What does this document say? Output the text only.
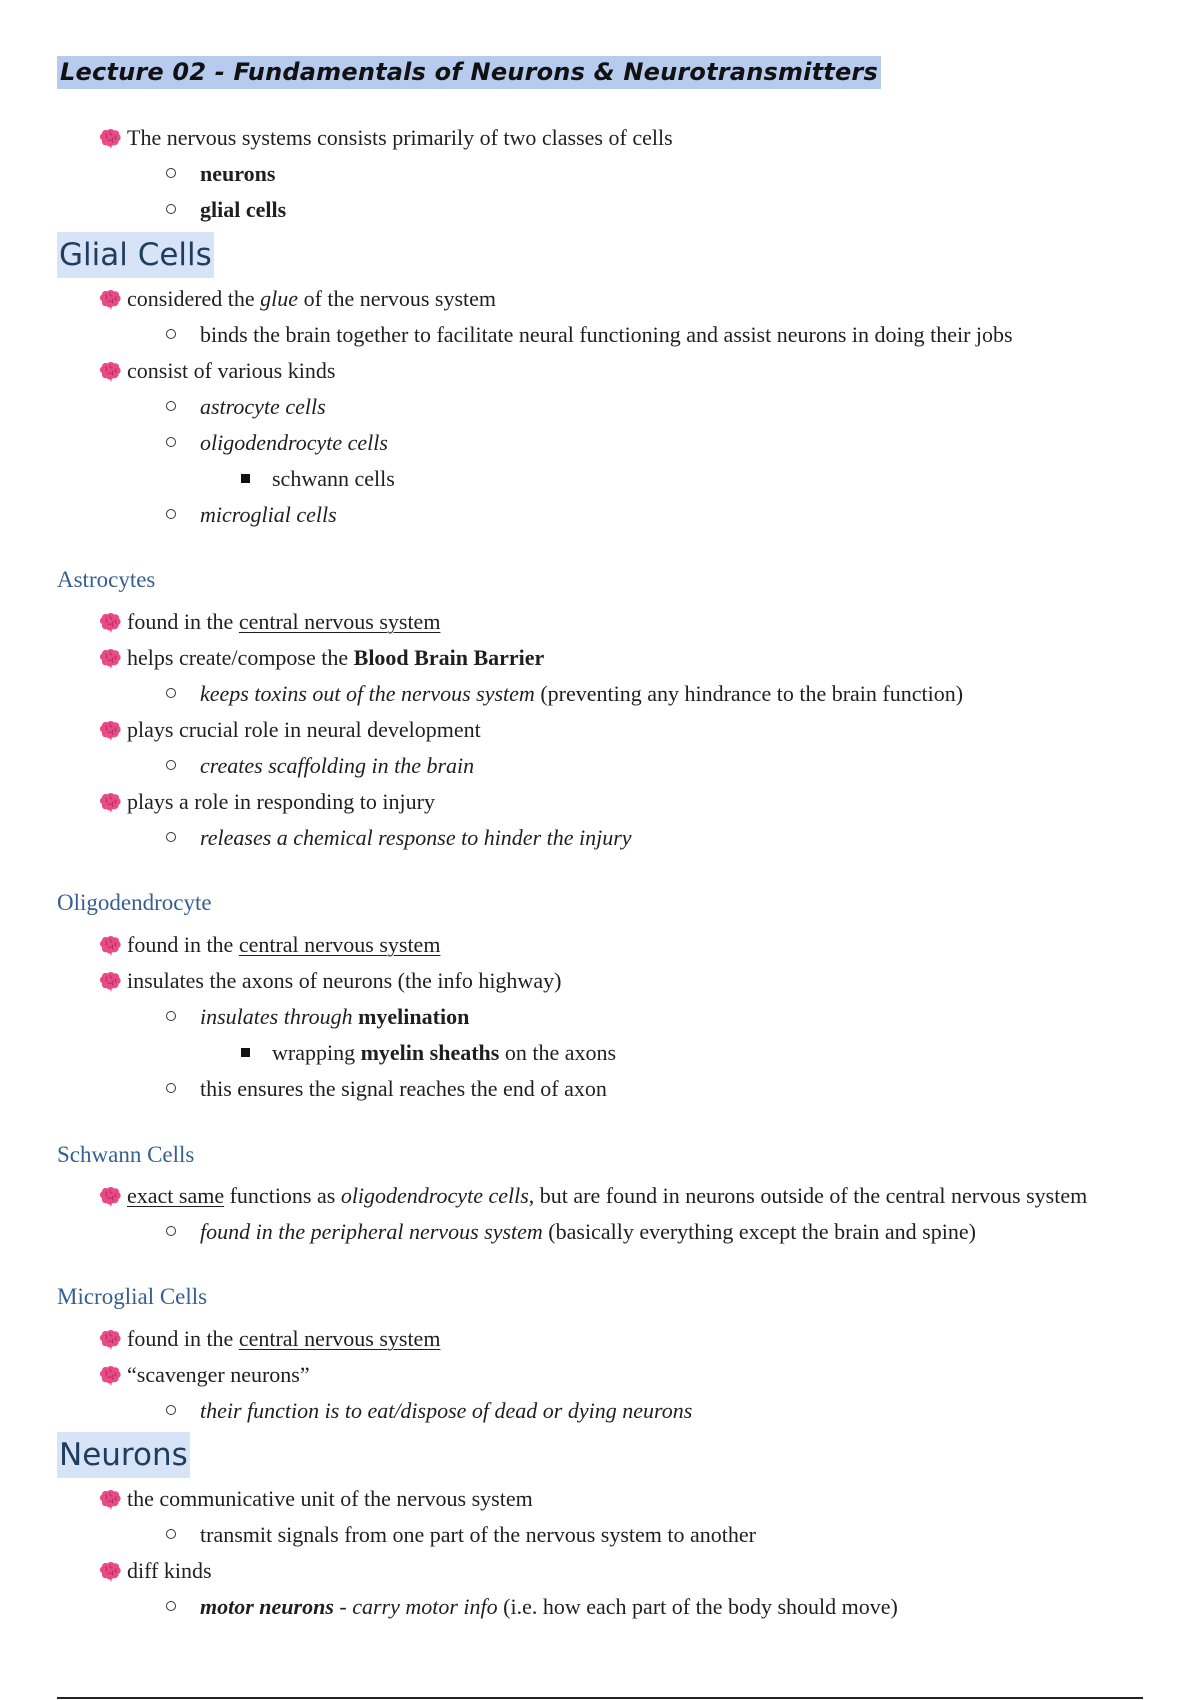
Lecture 02 - Fundamentals of Neurons & Neurotransmitters
The nervous systems consists primarily of two classes of cells
neurons
glial cells
Glial Cells
considered the glue of the nervous system
binds the brain together to facilitate neural functioning and assist neurons in doing their jobs
consist of various kinds
astrocyte cells
oligodendrocyte cells
schwann cells
microglial cells
Astrocytes
found in the central nervous system
helps create/compose the Blood Brain Barrier
keeps toxins out of the nervous system (preventing any hindrance to the brain function)
plays crucial role in neural development
creates scaffolding in the brain
plays a role in responding to injury
releases a chemical response to hinder the injury
Oligodendrocyte
found in the central nervous system
insulates the axons of neurons (the info highway)
insulates through myelination
wrapping myelin sheaths on the axons
this ensures the signal reaches the end of axon
Schwann Cells
exact same functions as oligodendrocyte cells, but are found in neurons outside of the central nervous system
found in the peripheral nervous system (basically everything except the brain and spine)
Microglial Cells
found in the central nervous system
“scavenger neurons”
their function is to eat/dispose of dead or dying neurons
Neurons
the communicative unit of the nervous system
transmit signals from one part of the nervous system to another
diff kinds
motor neurons - carry motor info (i.e. how each part of the body should move)
